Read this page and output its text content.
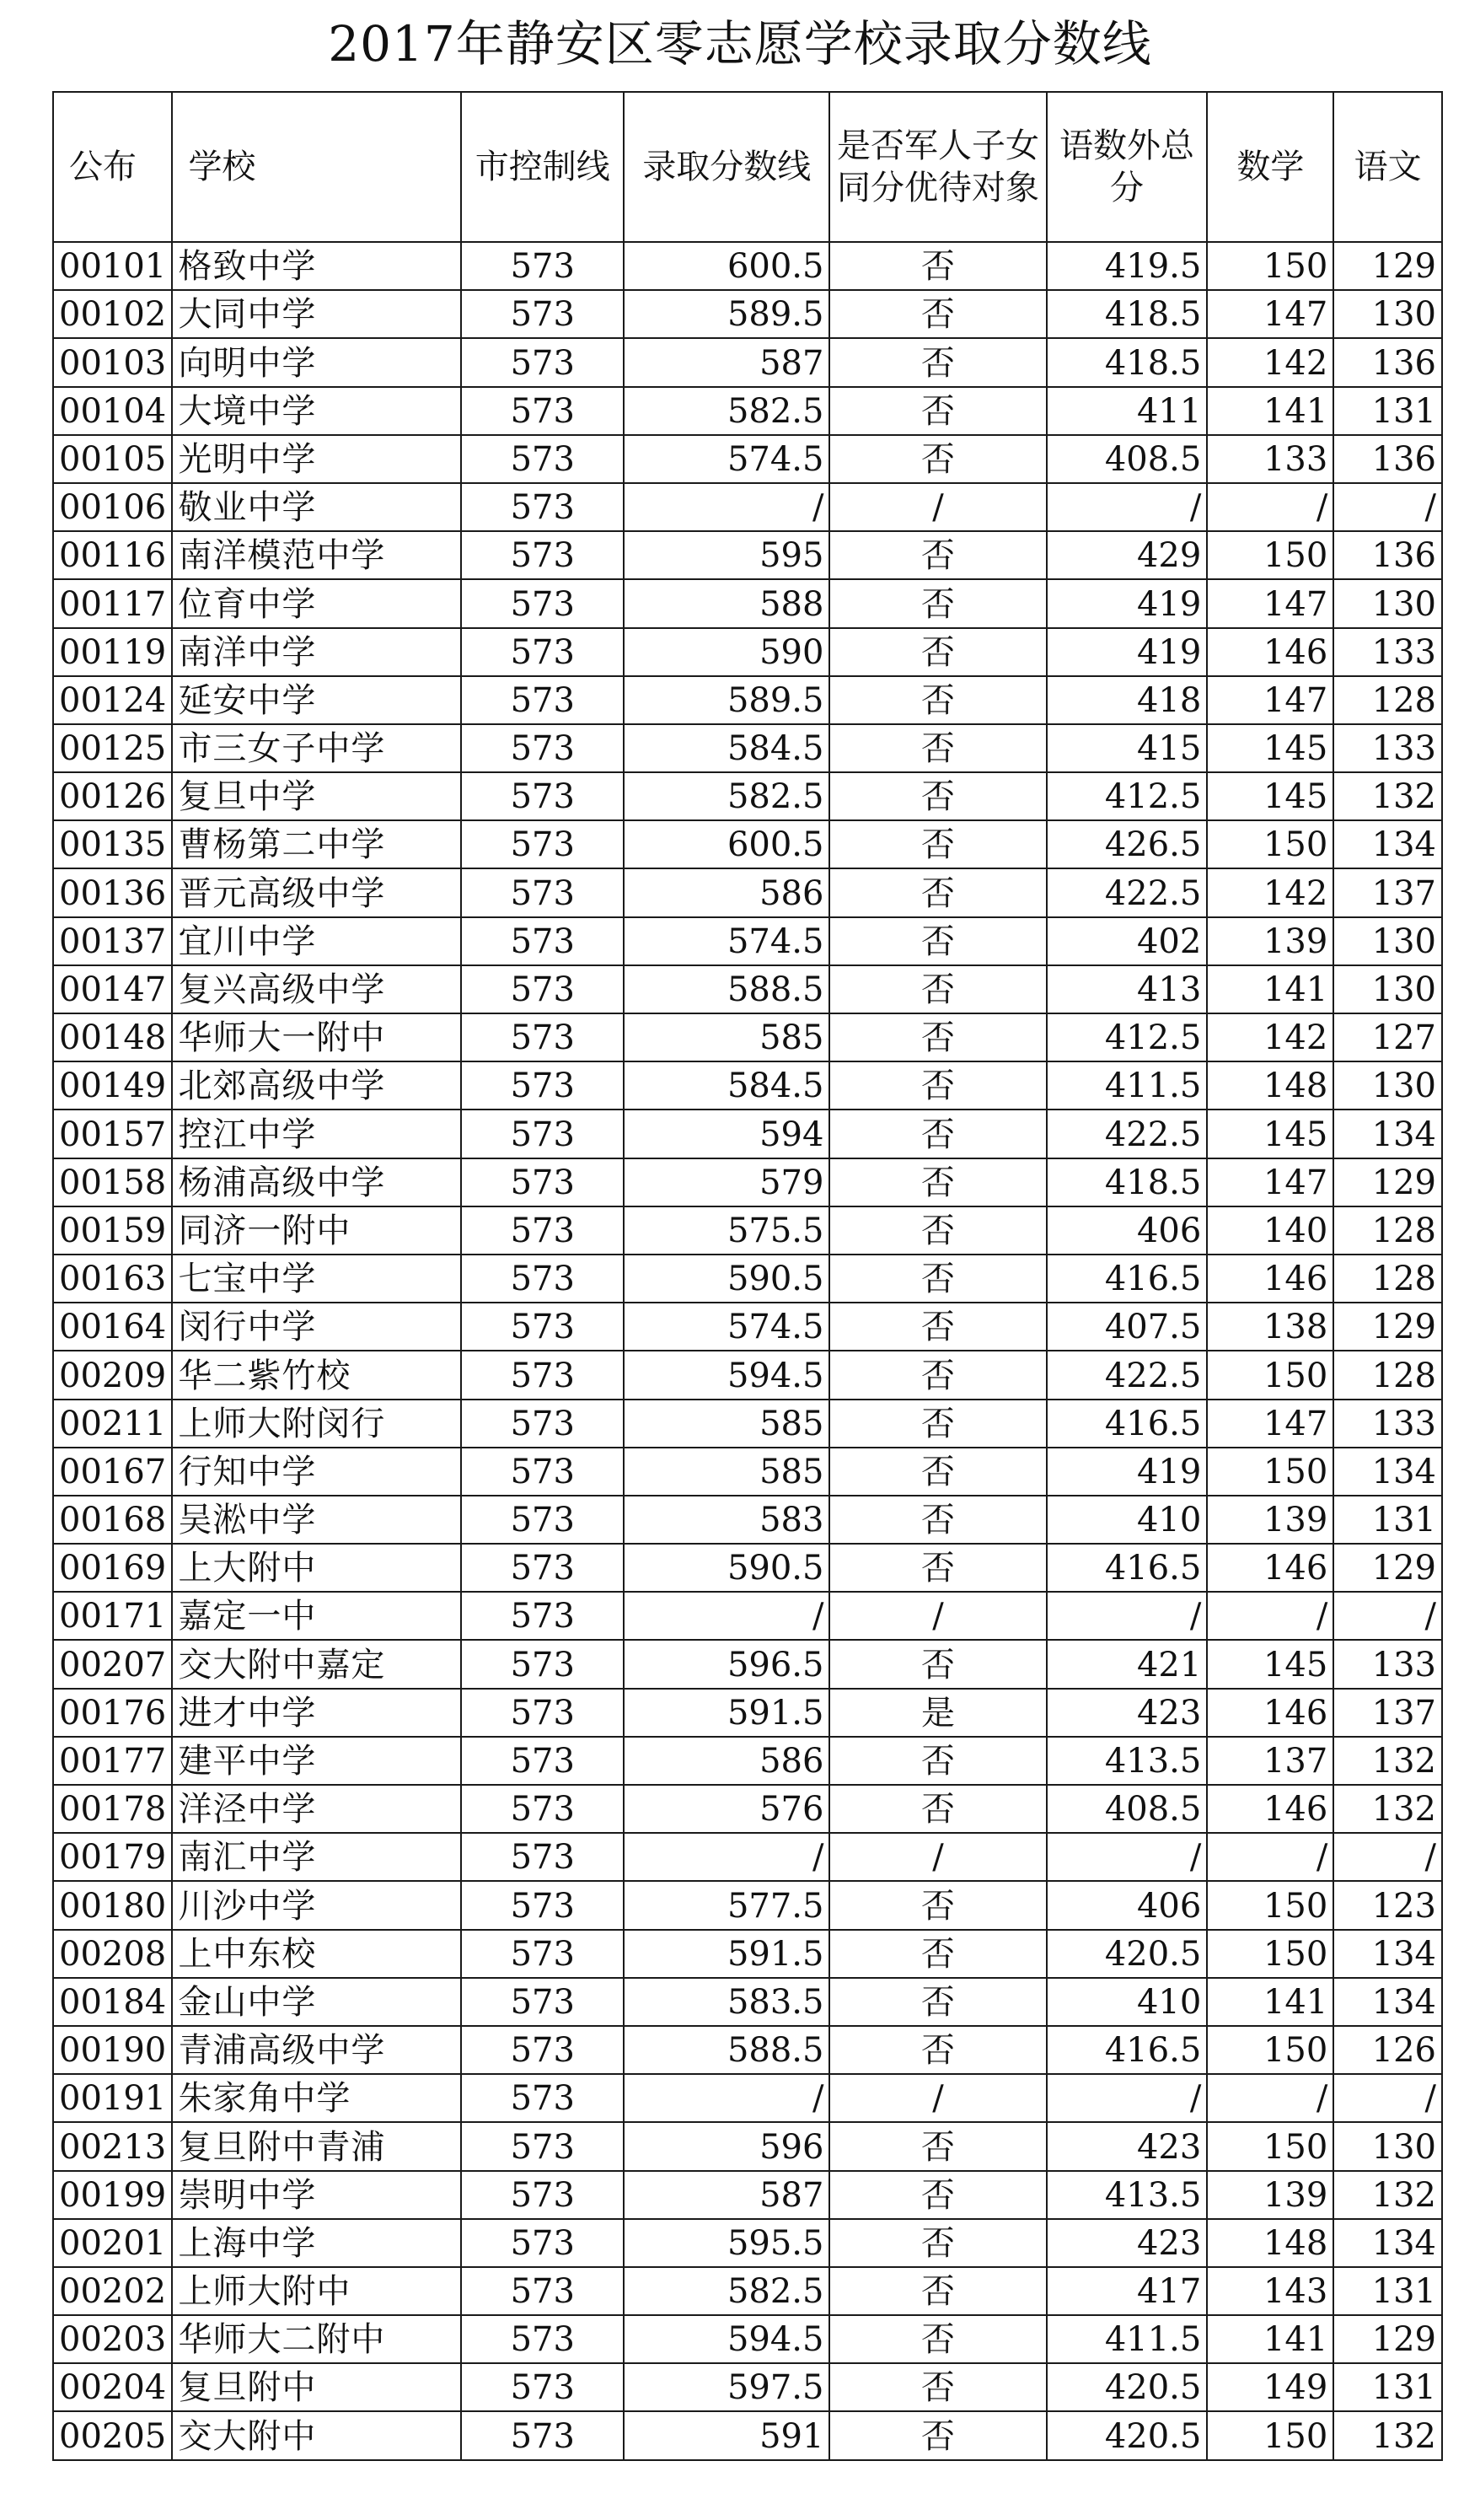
2017年静安区零志愿学校录取分数线
公布	学校	市控制线	录取分数线	是否军人子女同分优待对象	语数外总分	数学	语文
00101	格致中学	573	600.5	否	419.5	150	129
00102	大同中学	573	589.5	否	418.5	147	130
00103	向明中学	573	587	否	418.5	142	136
00104	大境中学	573	582.5	否	411	141	131
00105	光明中学	573	574.5	否	408.5	133	136
00106	敬业中学	573	/	/	/	/	/
00116	南洋模范中学	573	595	否	429	150	136
00117	位育中学	573	588	否	419	147	130
00119	南洋中学	573	590	否	419	146	133
00124	延安中学	573	589.5	否	418	147	128
00125	市三女子中学	573	584.5	否	415	145	133
00126	复旦中学	573	582.5	否	412.5	145	132
00135	曹杨第二中学	573	600.5	否	426.5	150	134
00136	晋元高级中学	573	586	否	422.5	142	137
00137	宜川中学	573	574.5	否	402	139	130
00147	复兴高级中学	573	588.5	否	413	141	130
00148	华师大一附中	573	585	否	412.5	142	127
00149	北郊高级中学	573	584.5	否	411.5	148	130
00157	控江中学	573	594	否	422.5	145	134
00158	杨浦高级中学	573	579	否	418.5	147	129
00159	同济一附中	573	575.5	否	406	140	128
00163	七宝中学	573	590.5	否	416.5	146	128
00164	闵行中学	573	574.5	否	407.5	138	129
00209	华二紫竹校	573	594.5	否	422.5	150	128
00211	上师大附闵行	573	585	否	416.5	147	133
00167	行知中学	573	585	否	419	150	134
00168	吴淞中学	573	583	否	410	139	131
00169	上大附中	573	590.5	否	416.5	146	129
00171	嘉定一中	573	/	/	/	/	/
00207	交大附中嘉定	573	596.5	否	421	145	133
00176	进才中学	573	591.5	是	423	146	137
00177	建平中学	573	586	否	413.5	137	132
00178	洋泾中学	573	576	否	408.5	146	132
00179	南汇中学	573	/	/	/	/	/
00180	川沙中学	573	577.5	否	406	150	123
00208	上中东校	573	591.5	否	420.5	150	134
00184	金山中学	573	583.5	否	410	141	134
00190	青浦高级中学	573	588.5	否	416.5	150	126
00191	朱家角中学	573	/	/	/	/	/
00213	复旦附中青浦	573	596	否	423	150	130
00199	崇明中学	573	587	否	413.5	139	132
00201	上海中学	573	595.5	否	423	148	134
00202	上师大附中	573	582.5	否	417	143	131
00203	华师大二附中	573	594.5	否	411.5	141	129
00204	复旦附中	573	597.5	否	420.5	149	131
00205	交大附中	573	591	否	420.5	150	132
